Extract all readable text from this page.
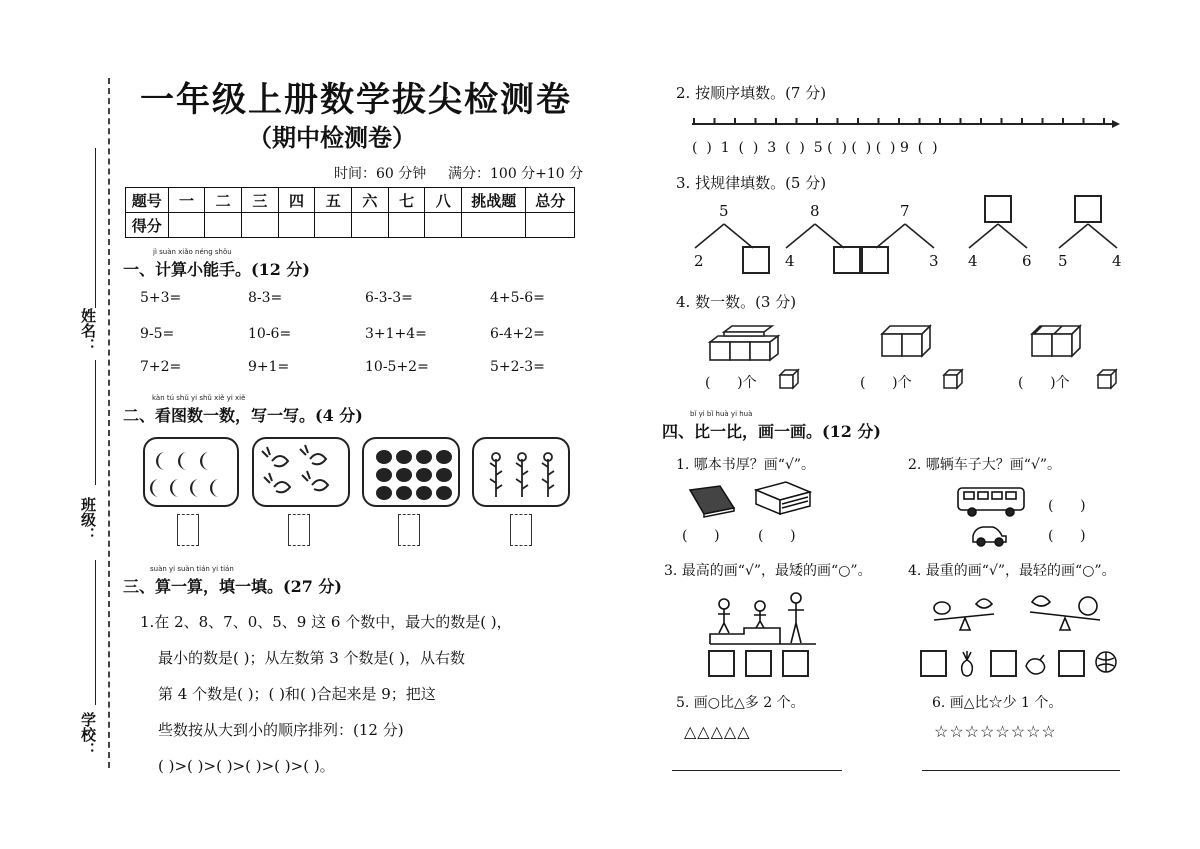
姓名：
班级：
学校：
一年级上册数学拔尖检测卷
（期中检测卷）
时间：60 分钟 满分：100 分+10 分
题号	一	二	三	四	五	六	七	八	挑战题	总分
得分										
jì suàn xiǎo néng shǒu
一、计算小能手。(12 分)
5+3=	8-3=	6-3-3=	4+5-6=
9-5=	10-6=	3+1+4=	6-4+2=
7+2=	9+1=	10-5+2=	5+2-3=
kàn tú shǔ yi shǔ xiě yi xiě
二、看图数一数，写一写。(4 分)
suàn yi suàn tián yi tián
三、算一算，填一填。(27 分)
1.在 2、8、7、0、5、9 这 6 个数中，最大的数是( )，
最小的数是( )；从左数第 3 个数是( )，从右数
第 4 个数是( )；( )和( )合起来是 9；把这
些数按从大到小的顺序排列：(12 分)
( )>( )>( )>( )>( )>( )。
2. 按顺序填数。(7 分)
(  )  1  (  )  3  (  )  5 (  ) (  ) (  ) 9  (  )
3. 找规律填数。(5 分)
5
2
8
4
7
3 4	6 5	4
4. 数一数。(3 分)
(      )个	(      )个	(      )个
bǐ yi bǐ huà yi huà
四、比一比，画一画。(12 分)
1. 哪本书厚？画“√”。	2. 哪辆车子大？画“√”。
(      )	(      )
(      )
(      )
3. 最高的画“√”，最矮的画“○”。	4. 最重的画“√”，最轻的画“○”。
5. 画○比△多 2 个。
△△△△△
6. 画△比☆少 1 个。
☆☆☆☆☆☆☆☆
